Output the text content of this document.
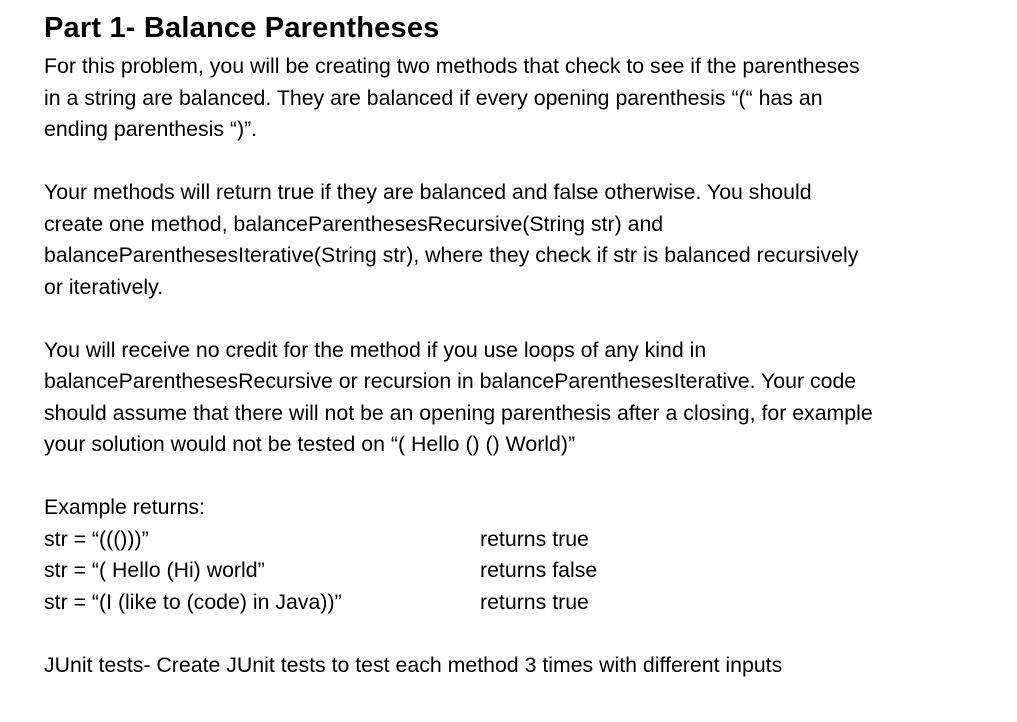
Part 1- Balance Parentheses

For this problem, you will be creating two methods that check to see if the parentheses
in a string are balanced. They are balanced if every opening parenthesis “(“ has an
ending parenthesis “)”.

Your methods will return true if they are balanced and false otherwise. You should
create one method, balanceParenthesesRecursive(String str) and
balanceParenthesesIterative(String str), where they check if str is balanced recursively
or iteratively.

You will receive no credit for the method if you use loops of any kind in
balanceParenthesesRecursive or recursion in balanceParenthesesIterative. Your code
should assume that there will not be an opening parenthesis after a closing, for example
your solution would not be tested on “( Hello () () World)”

Example returns:

str = “((()))”	returns true
str = “( Hello (Hi) world”	returns false
str = “(I (like to (code) in Java))”	returns true

JUnit tests- Create JUnit tests to test each method 3 times with different inputs
